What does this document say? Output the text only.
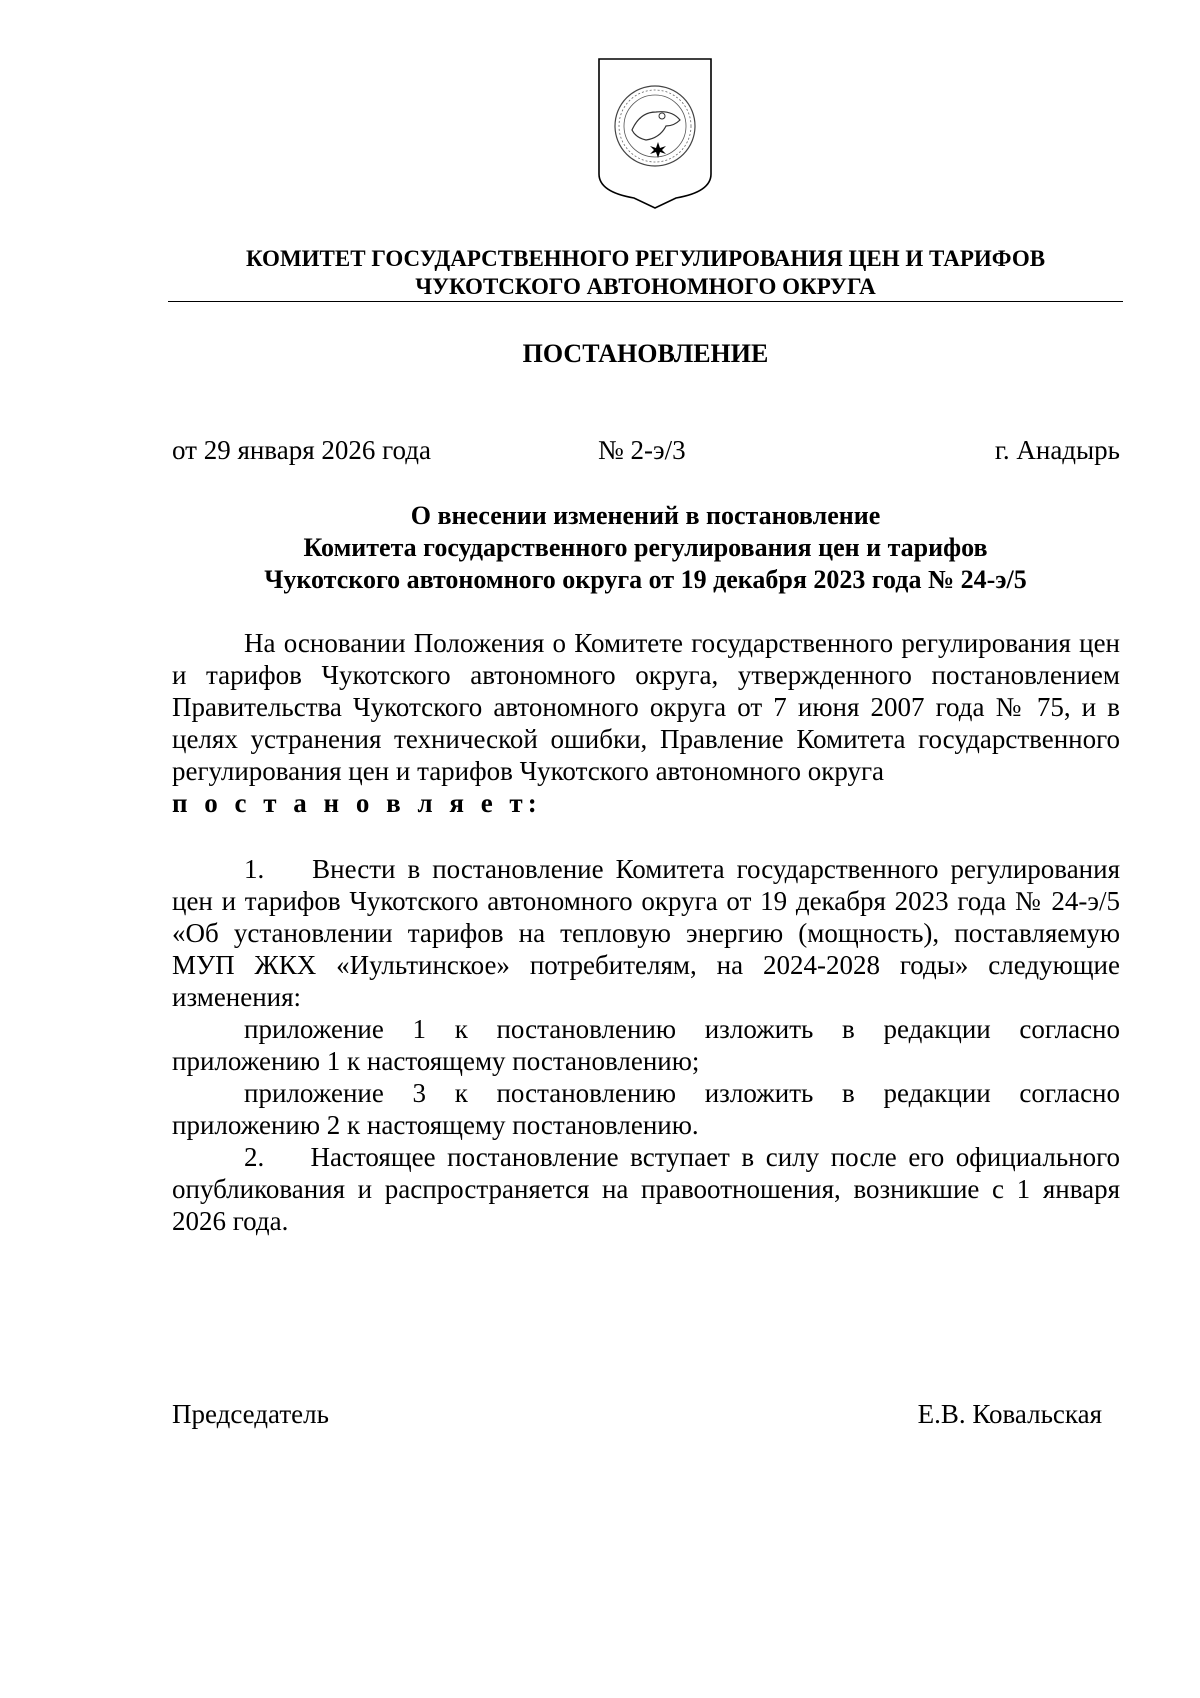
КОМИТЕТ ГОСУДАРСТВЕННОГО РЕГУЛИРОВАНИЯ ЦЕН И ТАРИФОВ
ЧУКОТСКОГО АВТОНОМНОГО ОКРУГА
ПОСТАНОВЛЕНИЕ
от 29 января 2026 года	№ 2-э/3	г. Анадырь
О внесении изменений в постановление
Комитета государственного регулирования цен и тарифов
Чукотского автономного округа от 19 декабря 2023 года № 24-э/5

На основании Положения о Комитете государственного регулирования цен и тарифов Чукотского автономного округа, утвержденного постановлением Правительства Чукотского автономного округа от 7 июня 2007 года № 75, и в целях устранения технической ошибки, Правление Комитета государственного регулирования цен и тарифов Чукотского автономного округа

п о с т а н о в л я е т:

1.    Внести в постановление Комитета государственного регулирования цен и тарифов Чукотского автономного округа от 19 декабря 2023 года № 24-э/5 «Об установлении тарифов на тепловую энергию (мощность), поставляемую МУП ЖКХ «Иультинское» потребителям, на 2024-2028 годы» следующие изменения:

приложение 1 к постановлению изложить в редакции согласно приложению 1 к настоящему постановлению;

приложение 3 к постановлению изложить в редакции согласно приложению 2 к настоящему постановлению.

2.    Настоящее постановление вступает в силу после его официального опубликования и распространяется на правоотношения, возникшие с 1 января 2026 года.

Председатель	Е.В. Ковальская
